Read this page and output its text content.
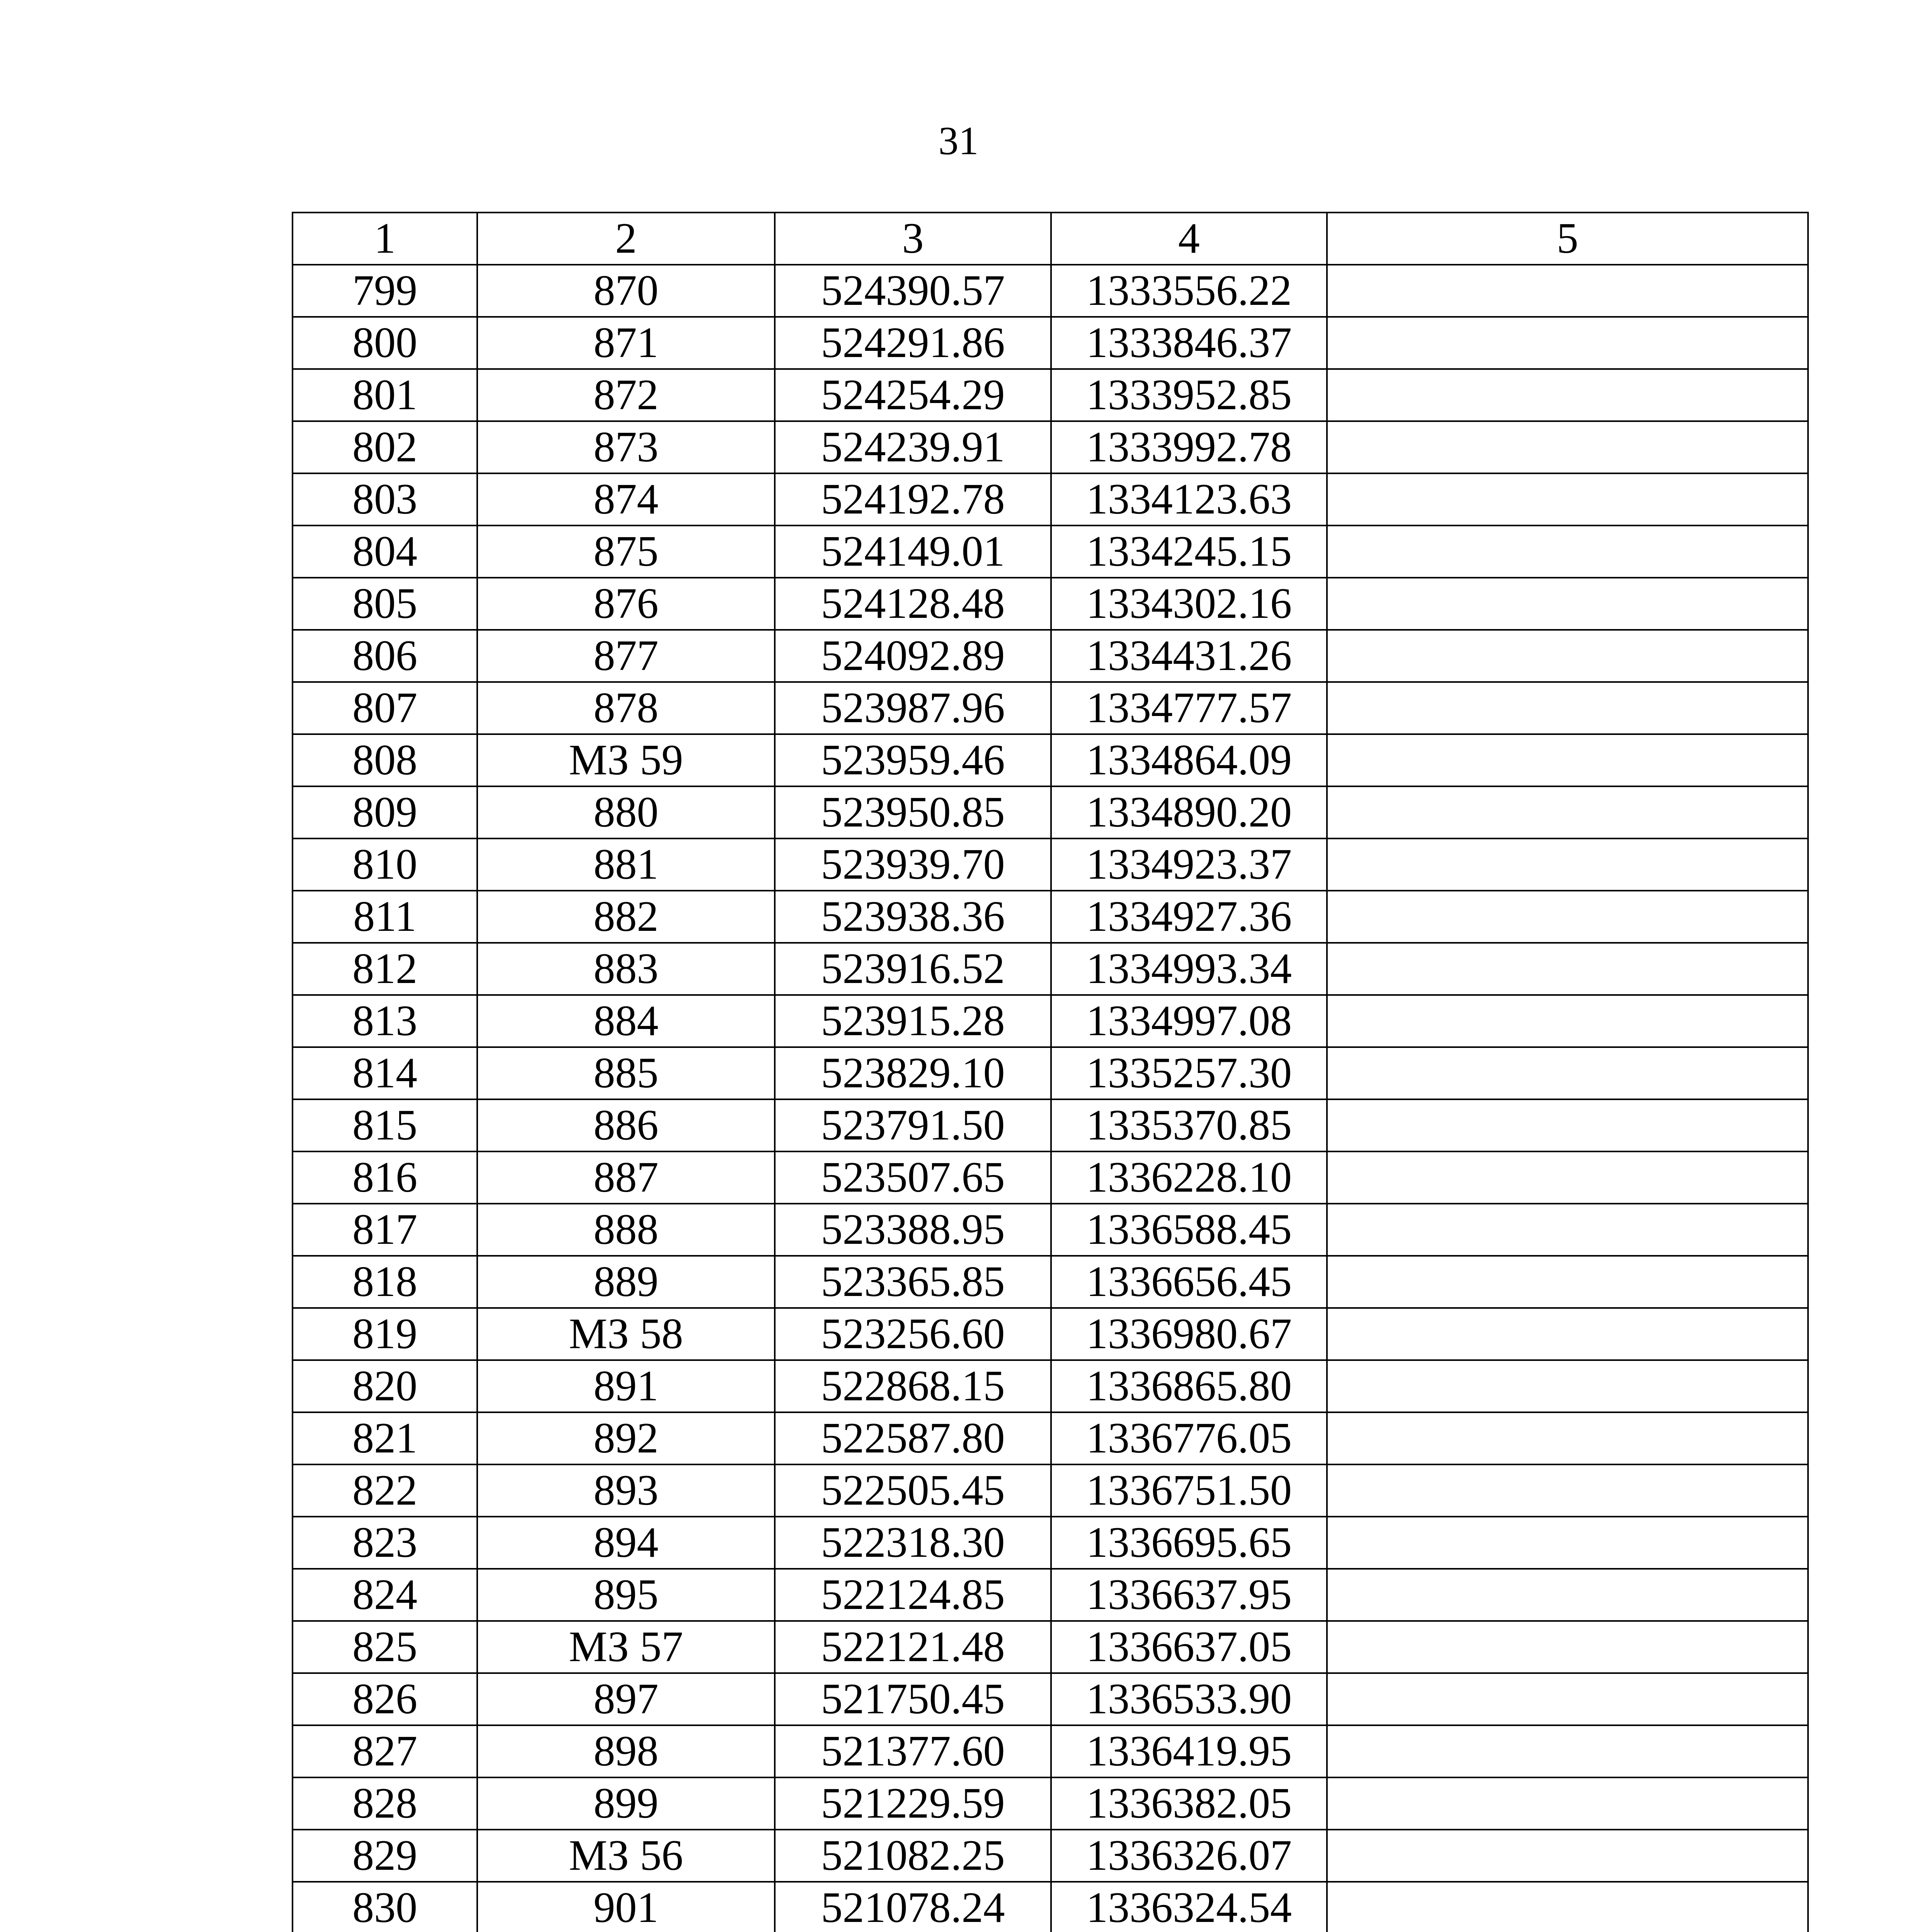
31
1	2	3	4	5
799	870	524390.57	1333556.22	
800	871	524291.86	1333846.37	
801	872	524254.29	1333952.85	
802	873	524239.91	1333992.78	
803	874	524192.78	1334123.63	
804	875	524149.01	1334245.15	
805	876	524128.48	1334302.16	
806	877	524092.89	1334431.26	
807	878	523987.96	1334777.57	
808	МЗ 59	523959.46	1334864.09	
809	880	523950.85	1334890.20	
810	881	523939.70	1334923.37	
811	882	523938.36	1334927.36	
812	883	523916.52	1334993.34	
813	884	523915.28	1334997.08	
814	885	523829.10	1335257.30	
815	886	523791.50	1335370.85	
816	887	523507.65	1336228.10	
817	888	523388.95	1336588.45	
818	889	523365.85	1336656.45	
819	МЗ 58	523256.60	1336980.67	
820	891	522868.15	1336865.80	
821	892	522587.80	1336776.05	
822	893	522505.45	1336751.50	
823	894	522318.30	1336695.65	
824	895	522124.85	1336637.95	
825	МЗ 57	522121.48	1336637.05	
826	897	521750.45	1336533.90	
827	898	521377.60	1336419.95	
828	899	521229.59	1336382.05	
829	МЗ 56	521082.25	1336326.07	
830	901	521078.24	1336324.54	
